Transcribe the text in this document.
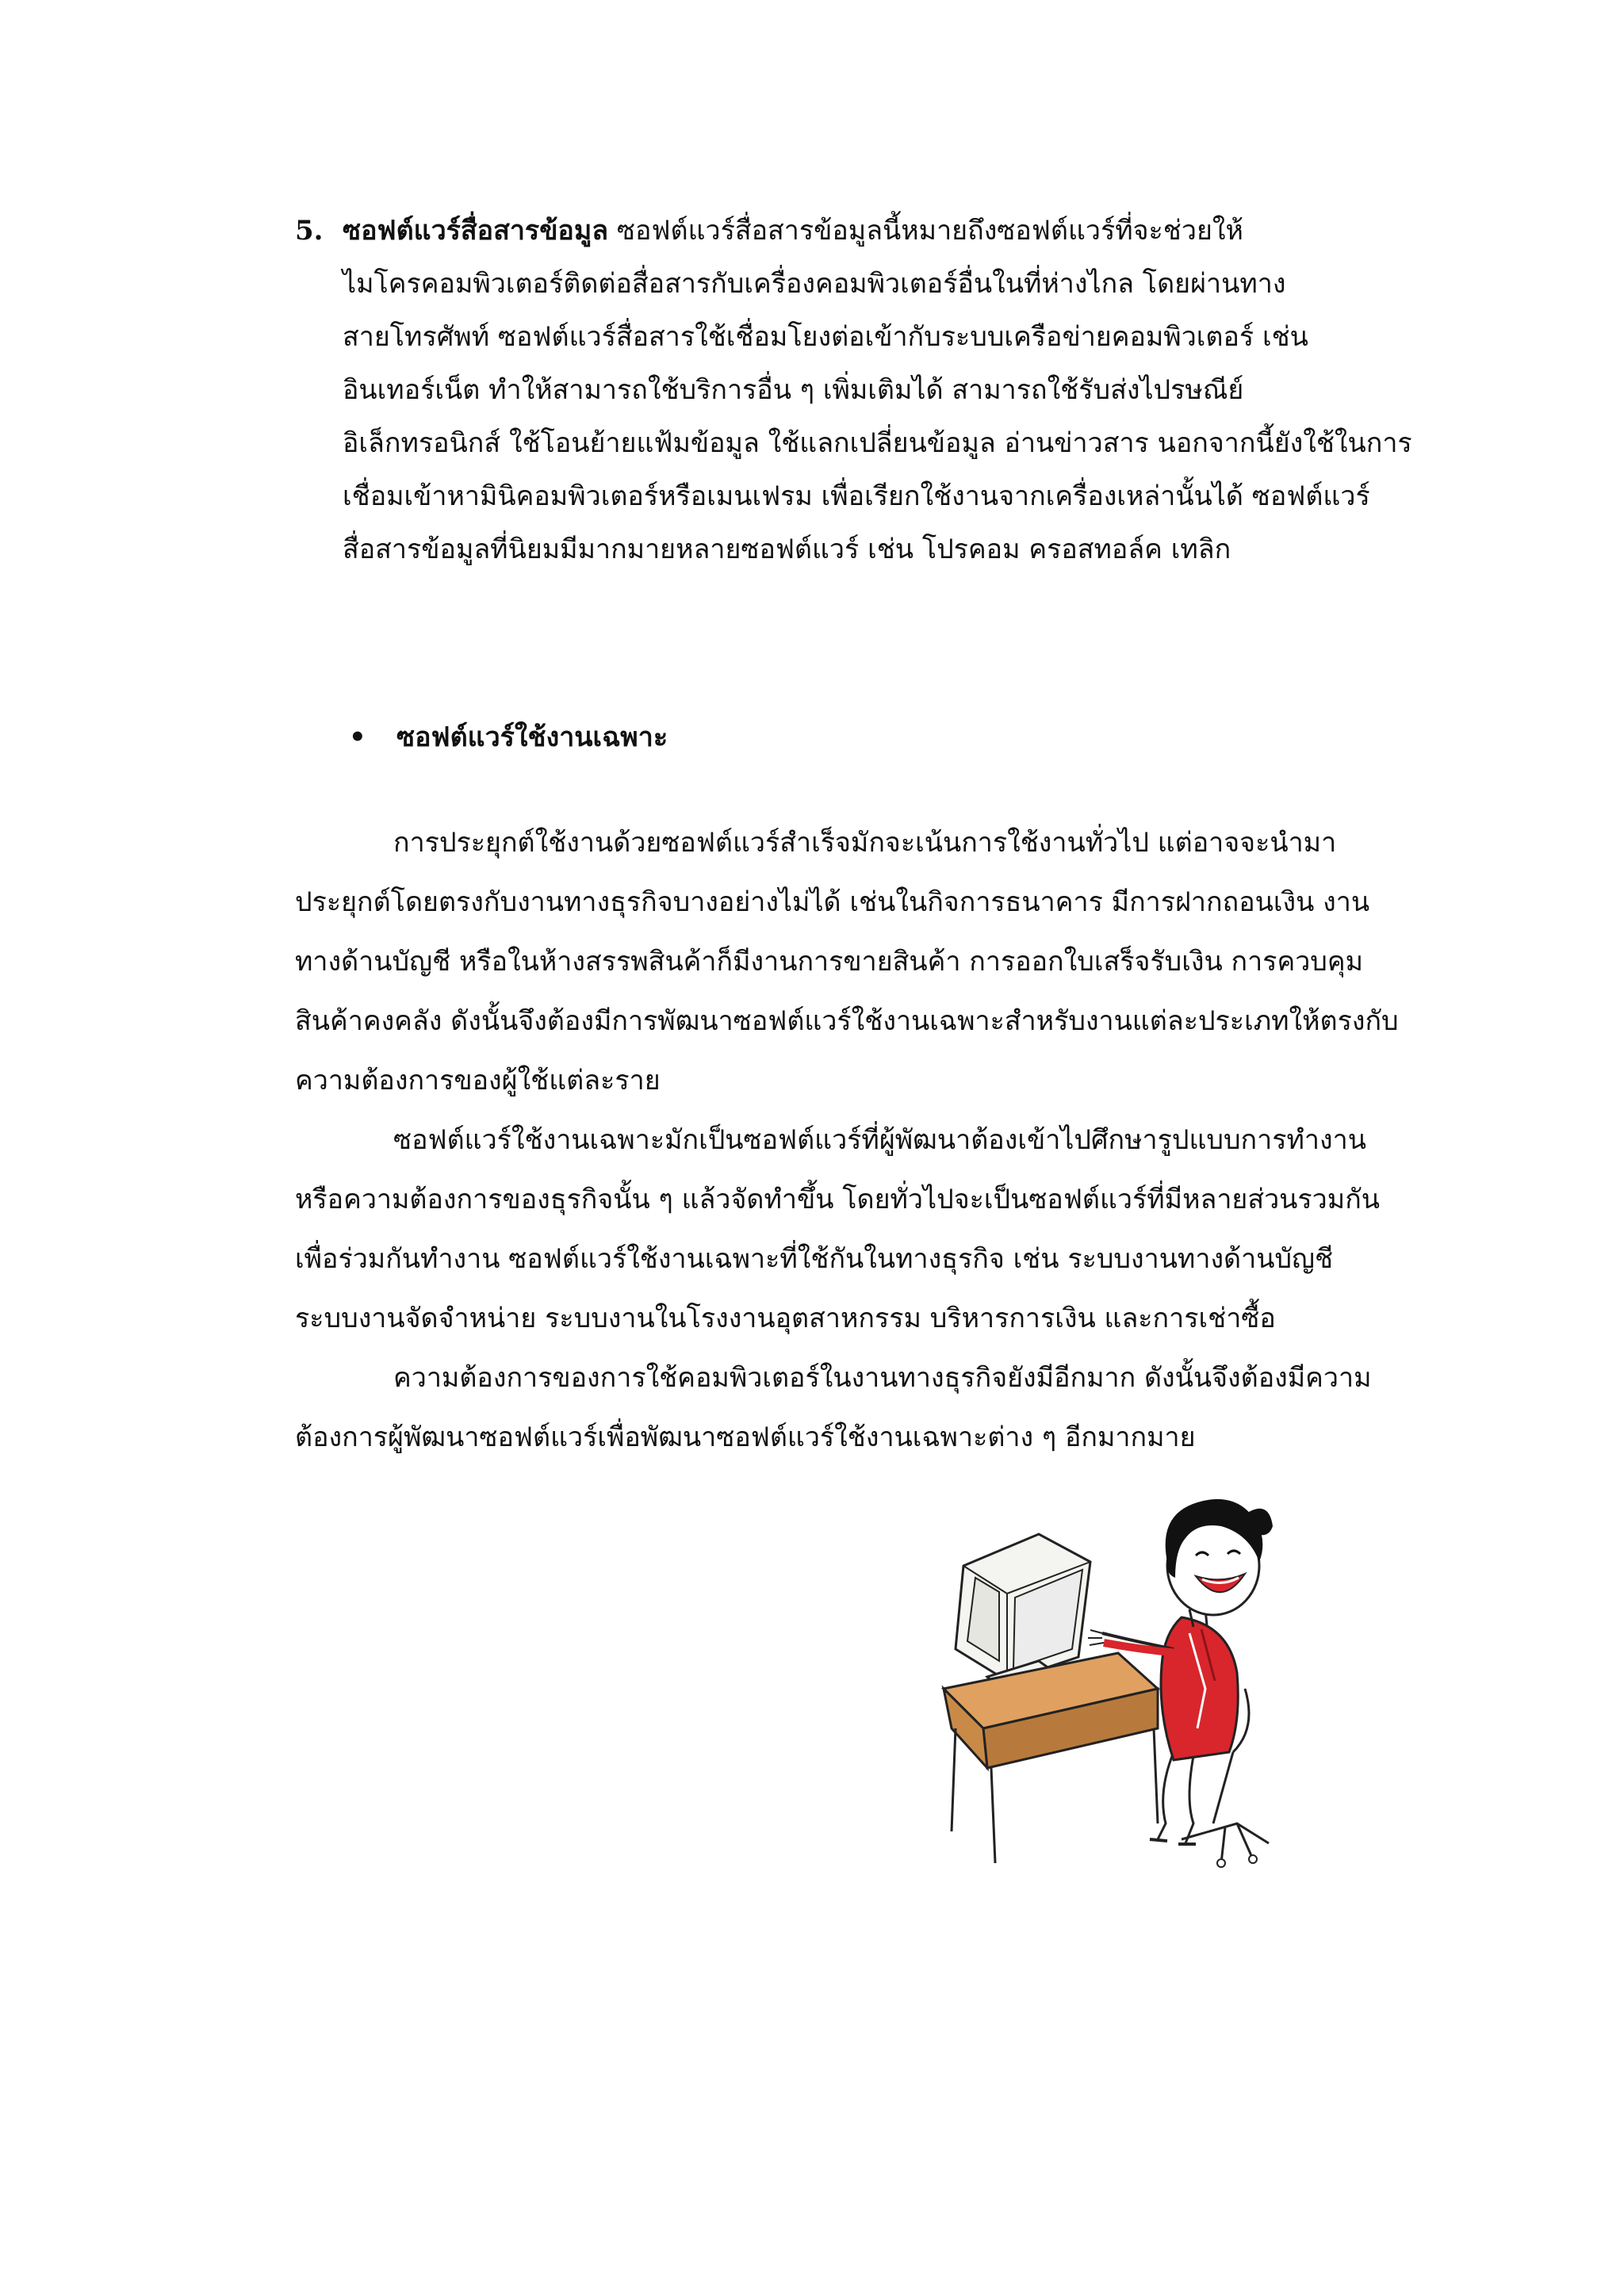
5. ซอฟต์แวร์สื่อสารข้อมูล ซอฟต์แวร์สื่อสารข้อมูลนี้หมายถึงซอฟต์แวร์ที่จะช่วยให้
ไมโครคอมพิวเตอร์ติดต่อสื่อสารกับเครื่องคอมพิวเตอร์อื่นในที่ห่างไกล โดยผ่านทาง
สายโทรศัพท์ ซอฟต์แวร์สื่อสารใช้เชื่อมโยงต่อเข้ากับระบบเครือข่ายคอมพิวเตอร์ เช่น
อินเทอร์เน็ต ทำให้สามารถใช้บริการอื่น ๆ เพิ่มเติมได้ สามารถใช้รับส่งไปรษณีย์
อิเล็กทรอนิกส์ ใช้โอนย้ายแฟ้มข้อมูล ใช้แลกเปลี่ยนข้อมูล อ่านข่าวสาร นอกจากนี้ยังใช้ในการ
เชื่อมเข้าหามินิคอมพิวเตอร์หรือเมนเฟรม เพื่อเรียกใช้งานจากเครื่องเหล่านั้นได้ ซอฟต์แวร์
สื่อสารข้อมูลที่นิยมมีมากมายหลายซอฟต์แวร์ เช่น โปรคอม ครอสทอล์ค เทลิก
•	ซอฟต์แวร์ใช้งานเฉพาะ
การประยุกต์ใช้งานด้วยซอฟต์แวร์สำเร็จมักจะเน้นการใช้งานทั่วไป แต่อาจจะนำมา
ประยุกต์โดยตรงกับงานทางธุรกิจบางอย่างไม่ได้ เช่นในกิจการธนาคาร มีการฝากถอนเงิน งาน
ทางด้านบัญชี หรือในห้างสรรพสินค้าก็มีงานการขายสินค้า การออกใบเสร็จรับเงิน การควบคุม
สินค้าคงคลัง ดังนั้นจึงต้องมีการพัฒนาซอฟต์แวร์ใช้งานเฉพาะสำหรับงานแต่ละประเภทให้ตรงกับ
ความต้องการของผู้ใช้แต่ละราย
ซอฟต์แวร์ใช้งานเฉพาะมักเป็นซอฟต์แวร์ที่ผู้พัฒนาต้องเข้าไปศึกษารูปแบบการทำงาน
หรือความต้องการของธุรกิจนั้น ๆ แล้วจัดทำขึ้น โดยทั่วไปจะเป็นซอฟต์แวร์ที่มีหลายส่วนรวมกัน
เพื่อร่วมกันทำงาน ซอฟต์แวร์ใช้งานเฉพาะที่ใช้กันในทางธุรกิจ เช่น ระบบงานทางด้านบัญชี
ระบบงานจัดจำหน่าย ระบบงานในโรงงานอุตสาหกรรม บริหารการเงิน และการเช่าซื้อ
ความต้องการของการใช้คอมพิวเตอร์ในงานทางธุรกิจยังมีอีกมาก ดังนั้นจึงต้องมีความ
ต้องการผู้พัฒนาซอฟต์แวร์เพื่อพัฒนาซอฟต์แวร์ใช้งานเฉพาะต่าง ๆ อีกมากมาย
